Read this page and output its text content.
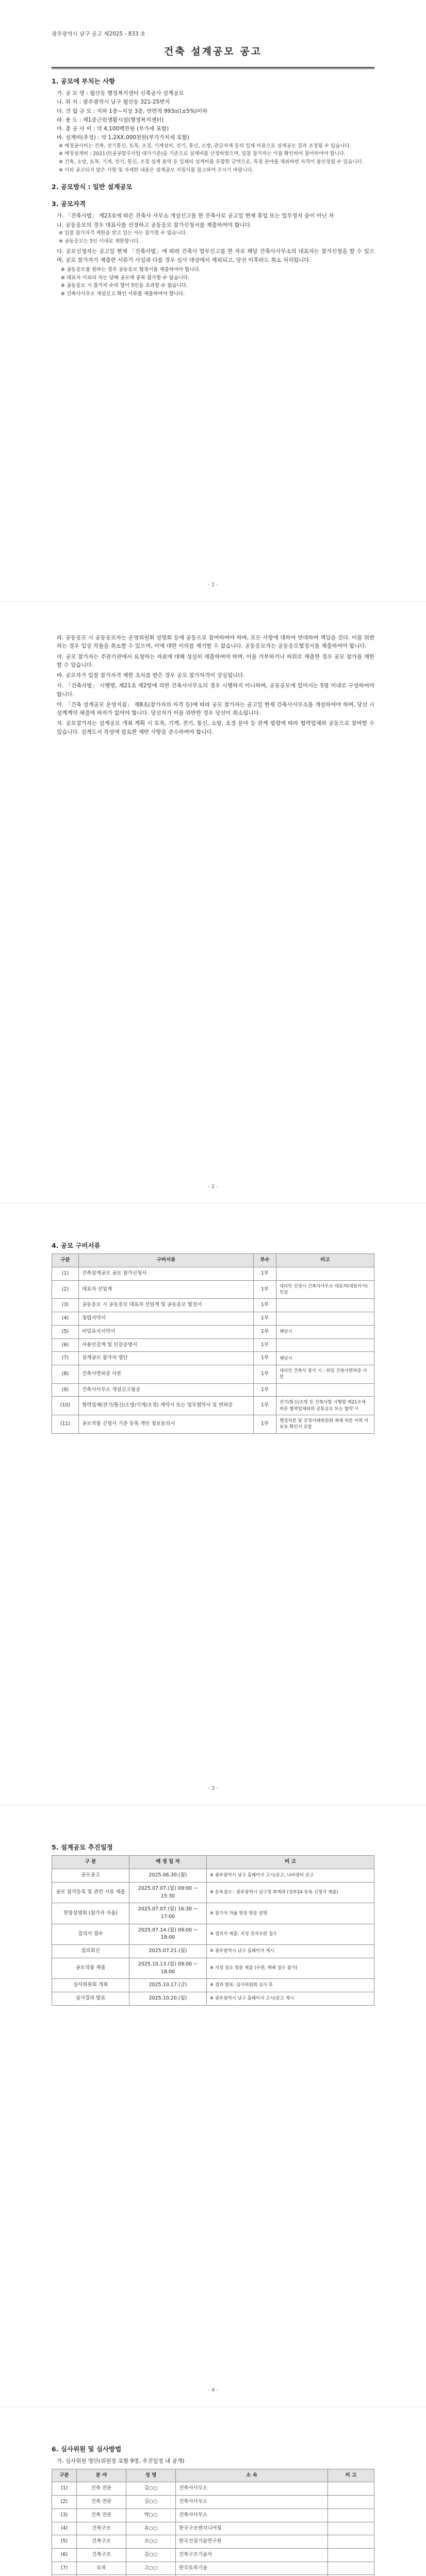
광주광역시 남구 공고 제2025 - 833 호
건축 설계공모 공고
1. 공모에 부치는 사항
가. 공 모 명 : 월산동 행정복지센터 신축공사 설계공모
나. 위 치 : 광주광역시 남구 월산동 321-25번지
다. 건 립 규 모 : 지하 1층~지상 3층, 연면적 993㎡(±5%)이하
라. 용 도 : 제1종근린생활시설(행정복지센터)
마. 총 공 사 비 : 약 4,100백만원 (부가세 포함)
바. 설계비(추정) : 약 1,2XX,000천원(부가가치세 포함)
※ 예정공사비는 건축, 전기통신, 토목, 조경, 기계설비, 전기, 통신, 소방, 관급자재 등의 일체 비용으로 설계공모 결과 조정될 수 있습니다.
※ 예정설계비 : 2021년(공공발주사업 대가기준)을 기준으로 설계비를 산정하였으며, 입찰 참가자는 이를 확인하여 참여하여야 합니다.
※ 건축, 소방, 토목, 기계, 전기, 통신, 조경 설계 용역 등 일체의 설계비를 포함한 금액으로, 특정 분야를 제외하면 자격이 불인정될 수 있습니다.
※ 이외 공고되지 않은 사항 및 자세한 내용은 설계공모 지침서를 참고하여 주시기 바랍니다.
2. 공모방식 : 일반 설계공모
3. 공모자격
가. 「건축사법」 제23조에 따른 건축사 사무소 개설신고를 한 건축사로 공고일 현재 휴업 또는 업무정지 중이 아닌 자
나. 공동응모의 경우 대표사를 선정하고 공동응모 참가신청서를 제출하여야 합니다.
※ 입찰 참가자격 제한을 받고 있는 자는 참가할 수 없습니다.
※ 공동응모는 5인 이내로 제한합니다.

다. 공모신청자는 공고일 현재 「건축사법」에 따라 건축사 업무신고를 한 자로 해당 건축사사무소의 대표자는 참가신청을 할 수 있으며, 공모 참가자가 제출한 서류가 사실과 다를 경우 심사 대상에서 제외되고, 당선 이후라도 취소 처리됩니다.

※ 공동응모를 원하는 경우 공동응모 협정서를 제출하여야 합니다.
※ 대표자 이외의 자는 당해 공모에 중복 참가할 수 없습니다.
※ 공동응모 시 참가자 수의 합이 5인을 초과할 수 없습니다.
※ 건축사사무소 개설신고 확인 서류를 제출하여야 합니다.
- 1 -

라. 공동응모 시 공동응모자는 운영위원회 설명회 등에 공동으로 참여하여야 하며, 모든 사항에 대하여 연대하여 책임을 진다. 이를 위반하는 경우 입상 작품을 취소할 수 있으며, 이에 대한 이의를 제기할 수 없습니다. 공동응모자는 공동응모협정서를 제출하여야 합니다.

마. 공모 참가자는 주관기관에서 요청하는 자료에 대해 성실히 제출하여야 하며, 이를 거부하거나 허위로 제출한 경우 공모 참가를 제한할 수 있습니다.

바. 공모자가 입찰 참가자격 제한 조치를 받은 경우 공모 참가자격이 상실됩니다.

사. 「건축사법」 시행령, 제21조 제2항에 의한 건축사사무소의 경우 시행하지 아니하며, 공동응모에 있어서는 5명 이내로 구성하여야 합니다.

아. 「건축 설계공모 운영지침」 제8조(참가자의 자격 등)에 따라 공모 참가자는 공고일 현재 건축사사무소를 개설하여야 하며, 당선 시 설계계약 체결에 하자가 없어야 합니다. 당선자가 이를 위반한 경우 당선이 취소됩니다.

자. 공모참가자는 설계공모 개최 계획 시 토목, 기계, 전기, 통신, 소방, 조경 분야 등 관계 법령에 따라 협력업체와 공동으로 참여할 수 있습니다. 설계도서 작성에 필요한 제반 사항을 준수하여야 합니다.

- 2 -
4. 공모 구비서류
구분	구비서류	부수	비고
(1)	건축설계공모 공모 참가신청서	1부	
(2)	대표자 선임계	1부	대리인 선정시 건축사사무소 대표자(대표이사) 인감
(3)	공동응모 시 공동응모 대표자 선임계 및 공동응모 협정서	1부	
(4)	청렴서약서	1부	
(5)	비밀유지서약서	1부	해당시
(6)	사용인감계 및 인감증명서	1부	
(7)	설계공모 참가자 명단	1부	해당시
(8)	건축사면허증 사본	1부	대리인 건축사 참가 시 : 위임 건축사면허증 사본
(9)	건축사사무소 개설신고필증	1부	
(10)	협력업체(전기/통신/소방/기계/조경) 계약서 또는 업무협약서 및 면허증	1부	전기/통신/소방 등 건축사법 시행령 제21조에 따른 협력업체와의 공동응모 또는 협약 시
(11)	공모작품 신청서 기준 등록 개인 정보동의서	1부	행정처분 및 공정거래위원회 제재 처분 이력 미보유 확인서 포함
- 3 -
5. 설계공모 추진일정
구 분	예 정 일 자	비 고
공모공고	2025.06.30.(월)	※ 광주광역시 남구 홈페이지 고시/공고, 나라장터 공고
공모 참가등록 및 관련 서류 제출	2025.07.07.(월) 09:00 ~ 15:30	※ 등록접수 : 광주광역시 남구청 회계과 (정부24 등록 신청서 제출)
현장설명회 (참가자 자율)	2025.07.07.(월) 16:30 ~ 17:00	※ 참가자 자율 현장 방문 설명
질의서 접수	2025.07.14.(월) 09:00 ~ 18:00	※ 질의서 제출: 지정 전자우편 접수
질의회신	2025.07.21.(월)	※ 광주광역시 남구 홈페이지 게시
공모작품 제출	2025.10.13.(월) 09:00 ~ 18:00	※ 지정 장소 방문 제출 (우편, 택배 접수 불가)
심사위원회 개최	2025.10.17.(금)	※ 결과 발표: 심사위원회 심사 후
심사결과 발표	2025.10.20.(월)	※ 광주광역시 남구 홈페이지 고시/공고 게시
- 4 -
6. 심사위원 및 심사방법
가. 심사위원 명단(위원장 포함 9명, 추진일정 내 공개)
구분	분 야	성 명	소 속	비 고
(1)	건축 전문	김○○	건축사사무소	
(2)	건축 전문	김○○	건축사사무소	
(3)	건축 전문	박○○	건축사사무소	
(4)	건축구조	유○○	한국구조엔지니어링	
(5)	건축구조	조○○	한국건설기술연구원	
(6)	건축구조	김○○	건축구조기술사	
(7)	토목	고○○	한국토목기술	
